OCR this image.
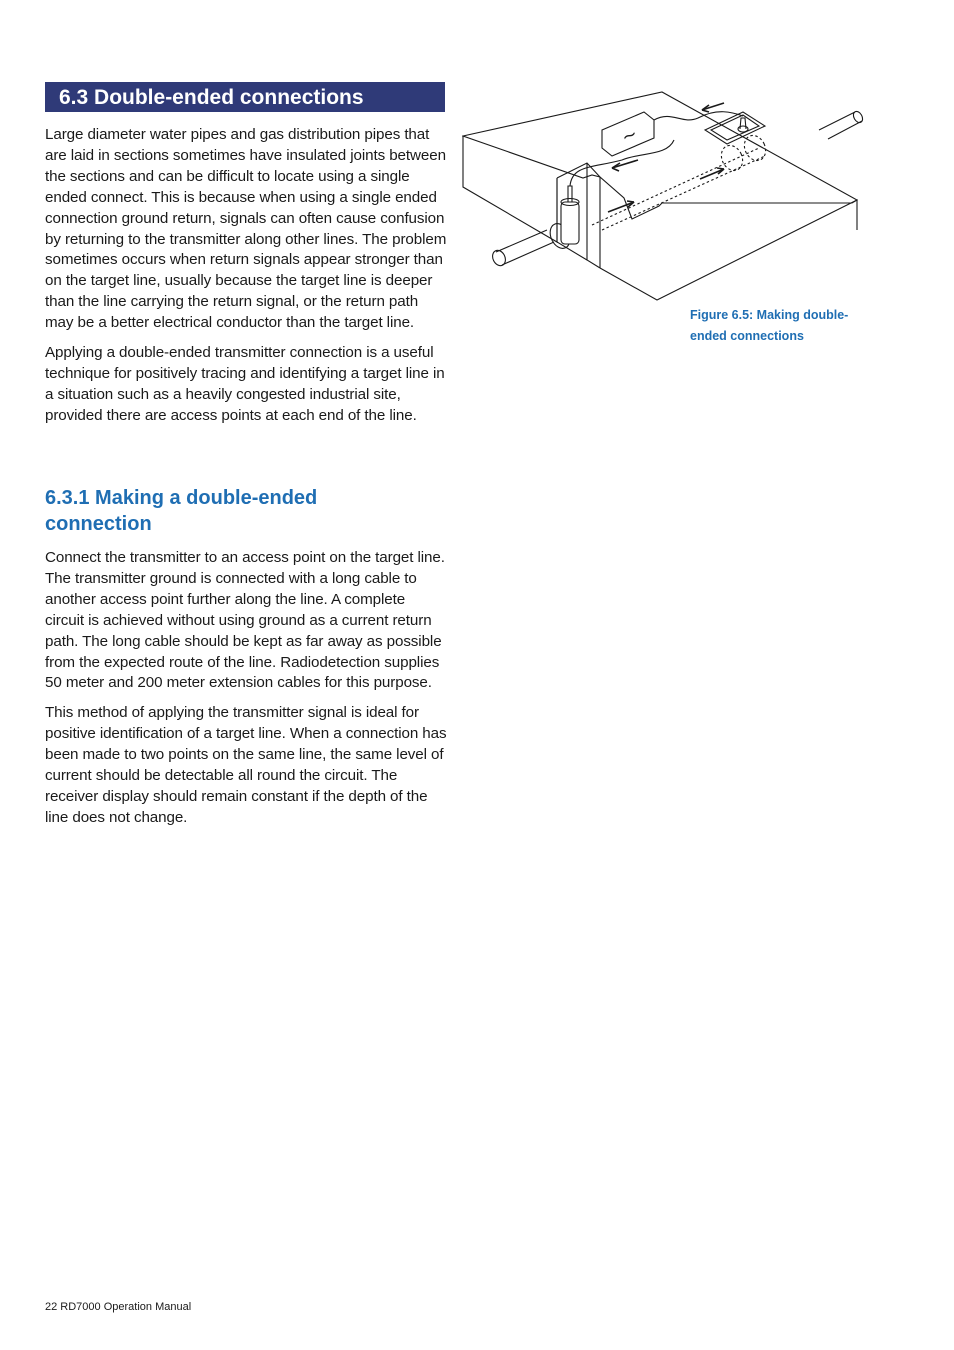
6.3 Double-ended connections

Large diameter water pipes and gas distribution pipes that are laid in sections sometimes have insulated joints between the sections and can be difficult to locate using a single ended connect. This is because when using a single ended connection ground return, signals can often cause confusion by returning to the transmitter along other lines. The problem sometimes occurs when return signals appear stronger than on the target line, usually because the target line is deeper than the line carrying the return signal, or the return path may be a better electrical conductor than the target line.

Applying a double-ended transmitter connection is a useful technique for positively tracing and identifying a target line in a situation such as a heavily congested industrial site, provided there are access points at each end of the line.

6.3.1 Making a double-ended connection

Connect the transmitter to an access point on the target line. The transmitter ground is connected with a long cable to another access point further along the line. A complete circuit is achieved without using ground as a current return path. The long cable should be kept as far away as possible from the expected route of the line. Radiodetection supplies 50 meter and 200 meter extension cables for this purpose.

This method of applying the transmitter signal is ideal for positive identification of a target line. When a connection has been made to two points on the same line, the same level of current should be detectable all round the circuit. The receiver display should remain constant if the depth of the line does not change.

~

Figure 6.5: Making double-ended connections

22 RD7000 Operation Manual
